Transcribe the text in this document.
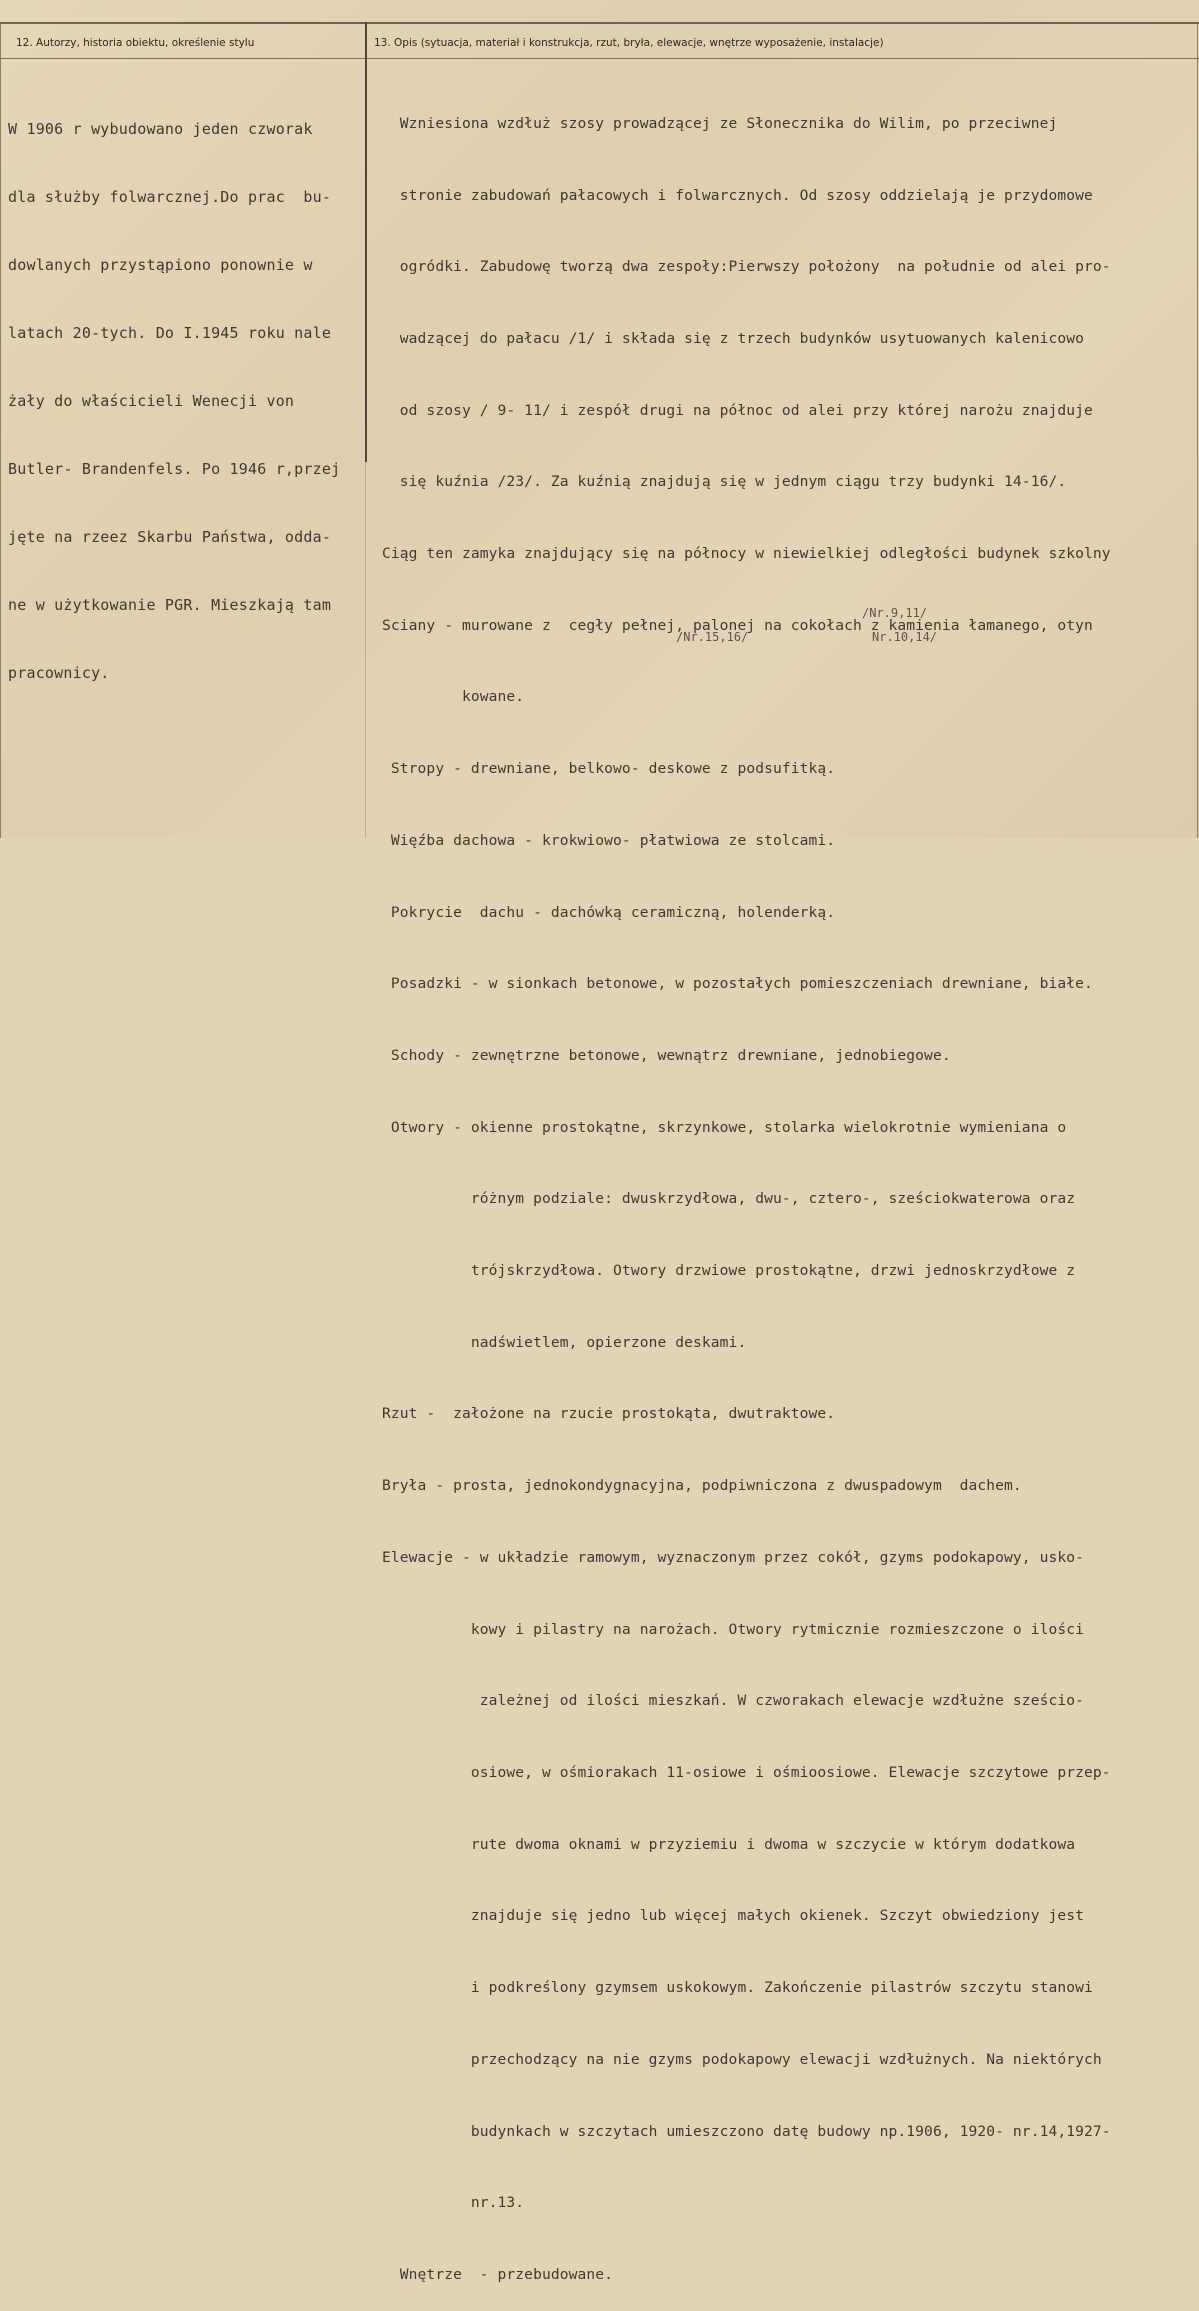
12. Autorzy, historia obiektu, określenie stylu	13. Opis (sytuacja, materiał i konstrukcja, rzut, bryła, elewacje, wnętrze wyposażenie, instalacje)

W 1906 r wybudowano jeden czworak

dla służby folwarcznej.Do prac  bu-

dowlanych przystąpiono ponownie w

latach 20-tych. Do I.1945 roku nale

żały do właścicieli Wenecji von

Butler- Brandenfels. Po 1946 r,przej

jęte na rzeez Skarbu Państwa, odda-

ne w użytkowanie PGR. Mieszkają tam

pracownicy.

Wzniesiona wzdłuż szosy prowadzącej ze Słonecznika do Wilim, po przeciwnej

stronie zabudowań pałacowych i folwarcznych. Od szosy oddzielają je przydomowe

ogródki. Zabudowę tworzą dwa zespoły:Pierwszy położony  na południe od alei pro-

wadzącej do pałacu /1/ i składa się z trzech budynków usytuowanych kalenicowo

od szosy / 9- 11/ i zespół drugi na północ od alei przy której narożu znajduje

się kuźnia /23/. Za kuźnią znajdują się w jednym ciągu trzy budynki 14-16/.

Ciąg ten zamyka znajdujący się na północy w niewielkiej odległości budynek szkolny

Sciany - murowane z  cegły pełnej, palonej na cokołach z kamienia łamanego, otyn

kowane.

Stropy - drewniane, belkowo- deskowe z podsufitką.

Więźba dachowa - krokwiowo- płatwiowa ze stolcami.

Pokrycie  dachu - dachówką ceramiczną, holenderką.

Posadzki - w sionkach betonowe, w pozostałych pomieszczeniach drewniane, białe.

Schody - zewnętrzne betonowe, wewnątrz drewniane, jednobiegowe.

Otwory - okienne prostokątne, skrzynkowe, stolarka wielokrotnie wymieniana o

różnym podziale: dwuskrzydłowa, dwu-, cztero-, sześciokwaterowa oraz

trójskrzydłowa. Otwory drzwiowe prostokątne, drzwi jednoskrzydłowe z

nadświetlem, opierzone deskami.

Rzut -  założone na rzucie prostokąta, dwutraktowe.

Bryła - prosta, jednokondygnacyjna, podpiwniczona z dwuspadowym  dachem.

Elewacje - w układzie ramowym, wyznaczonym przez cokół, gzyms podokapowy, usko-

kowy i pilastry na narożach. Otwory rytmicznie rozmieszczone o ilości

zależnej od ilości mieszkań. W czworakach elewacje wzdłużne sześcio-

osiowe, w ośmiorakach 11-osiowe i ośmioosiowe. Elewacje szczytowe przep-

rute dwoma oknami w przyziemiu i dwoma w szczycie w którym dodatkowa

znajduje się jedno lub więcej małych okienek. Szczyt obwiedziony jest

i podkreślony gzymsem uskokowym. Zakończenie pilastrów szczytu stanowi

przechodzący na nie gzyms podokapowy elewacji wzdłużnych. Na niektórych

budynkach w szczytach umieszczono datę budowy np.1906, 1920- nr.14,1927-

nr.13.

Wnętrze  - przebudowane.

/Nr.9,11/
/Nr.15,16/	Nr.10,14/
